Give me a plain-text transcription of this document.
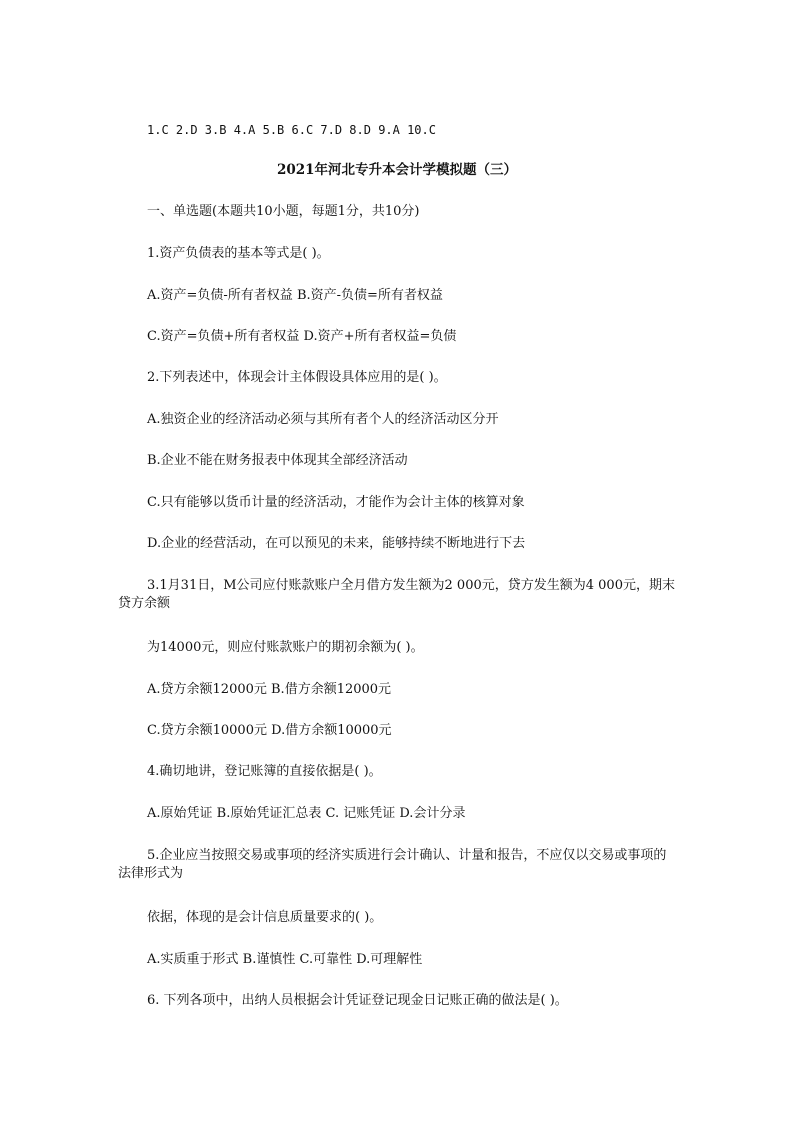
1.C 2.D 3.B 4.A 5.B 6.C 7.D 8.D 9.A 10.C
2021年河北专升本会计学模拟题（三）
一、单选题(本题共10小题，每题1分，共10分)
1.资产负债表的基本等式是( )。
A.资产=负债-所有者权益 B.资产-负债=所有者权益
C.资产=负债+所有者权益 D.资产+所有者权益=负债
2.下列表述中，体现会计主体假设具体应用的是( )。
A.独资企业的经济活动必须与其所有者个人的经济活动区分开
B.企业不能在财务报表中体现其全部经济活动
C.只有能够以货币计量的经济活动，才能作为会计主体的核算对象
D.企业的经营活动，在可以预见的未来，能够持续不断地进行下去
3.1月31日，M公司应付账款账户全月借方发生额为2 000元，贷方发生额为4 000元，期末贷方余额
为14000元，则应付账款账户的期初余额为( )。
A.贷方余额12000元 B.借方余额12000元
C.贷方余额10000元 D.借方余额10000元
4.确切地讲，登记账簿的直接依据是( )。
A.原始凭证 B.原始凭证汇总表 C. 记账凭证 D.会计分录
5.企业应当按照交易或事项的经济实质进行会计确认、计量和报告，不应仅以交易或事项的法律形式为
依据，体现的是会计信息质量要求的( )。
A.实质重于形式 B.谨慎性 C.可靠性 D.可理解性
6. 下列各项中，出纳人员根据会计凭证登记现金日记账正确的做法是( )。
